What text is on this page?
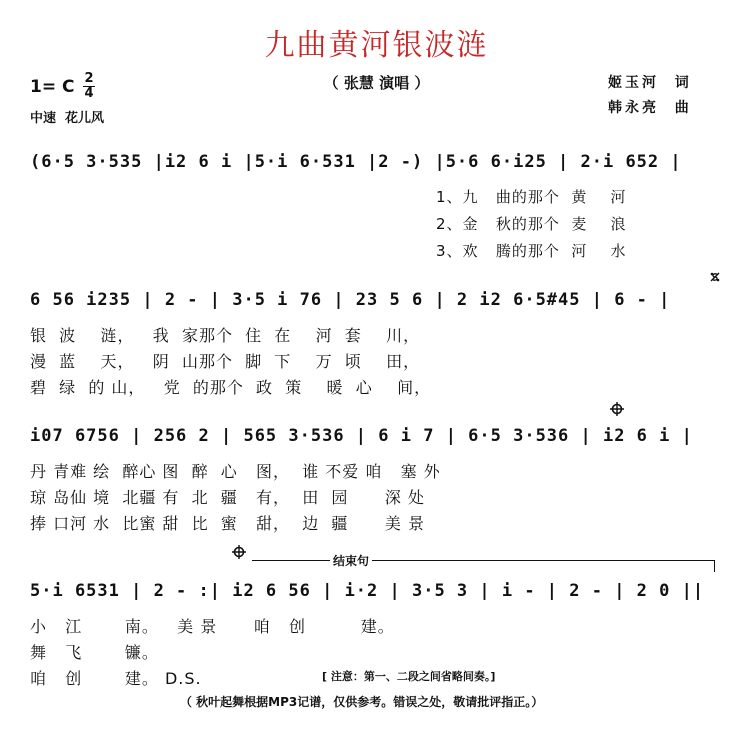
九曲黄河银波涟
（ 张慧 演唱 ）	姬玉河  词
韩永亮  曲
1= C 2
4
中速  花儿风
(6·5 3·535 |i2 6 i |5·i 6·531 |2 -) |5·6 6·i25 | 2·i 652 |
1、九   曲的那个  黄    河
2、金   秋的那个  麦    浪
3、欢   腾的那个  河    水
6 56 i235 | 2 - | 3·5 i 76 | 23 5 6 | 2 i2 6·5#45 | 6 - |
银  波    涟，   我  家那个  住  在    河  套    川，
漫  蓝    天，   阴  山那个  脚  下    万  顷    田，
碧  绿  的 山，   党  的那个  政  策    暖  心    间，
i07 6756 | 256 2 | 565 3·536 | 6 i 7 | 6·5 3·536 | i2 6 i |
丹 青难 绘  醉心 图  醉  心   图，  谁 不爱 咱   塞 外
琼 岛仙 境  北疆 有  北  疆   有，  田  园      深 处
捧 口河 水  比蜜 甜  比  蜜   甜，  边  疆      美 景
结束句
5·i 6531 | 2 - :| i2 6 56 | i·2 | 3·5 3 | i - | 2 - | 2 0 ||
小   江       南。   美 景      咱   创         建。
舞   飞       镰。
咱   创       建。 D.S.	[ 注意：第一、二段之间省略间奏。]
（ 秋叶起舞根据MP3记谱，仅供参考。错误之处，敬请批评指正。）
